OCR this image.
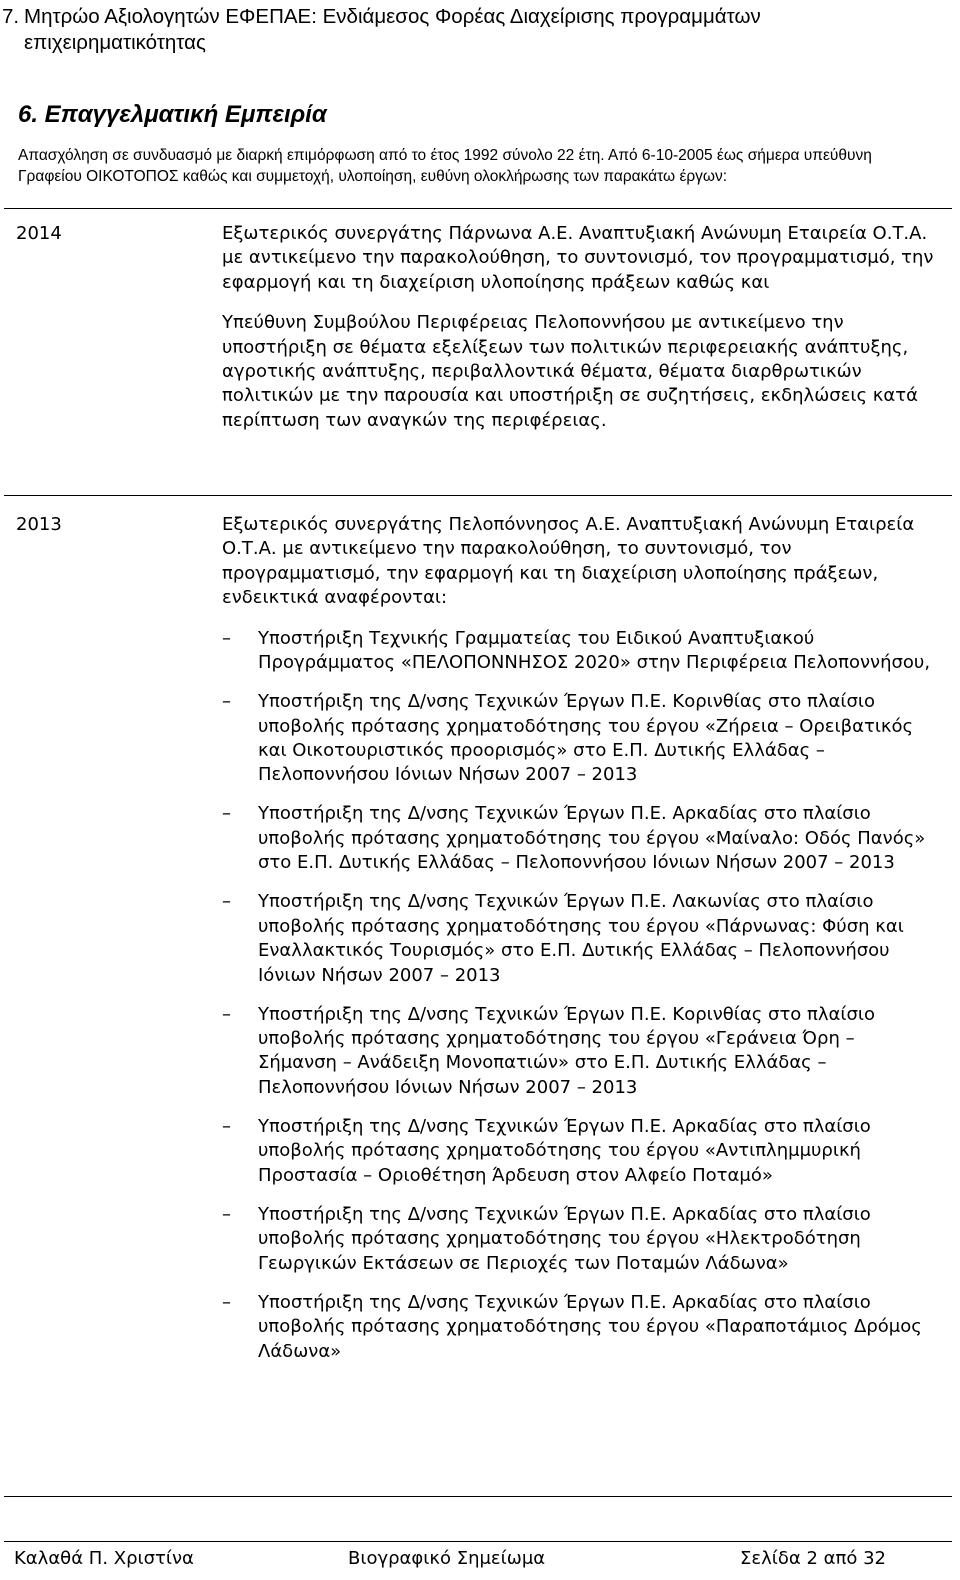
7. Μητρώο Αξιολογητών ΕΦΕΠΑΕ: Ενδιάμεσος Φορέας Διαχείρισης προγραμμάτων επιχειρηματικότητας
6. Επαγγελματική Εμπειρία
Απασχόληση σε συνδυασμό με διαρκή επιμόρφωση από το έτος 1992 σύνολο 22 έτη. Από 6-10-2005 έως σήμερα υπεύθυνη Γραφείου ΟΙΚΟΤΟΠΟΣ καθώς και συμμετοχή, υλοποίηση, ευθύνη ολοκλήρωσης των παρακάτω έργων:
2014	Εξωτερικός συνεργάτης Πάρνωνα Α.Ε. Αναπτυξιακή Ανώνυμη Εταιρεία Ο.Τ.Α. με αντικείμενο την παρακολούθηση, το συντονισμό, τον προγραμματισμό, την εφαρμογή και τη διαχείριση υλοποίησης πράξεων καθώς και

Υπεύθυνη Συμβούλου Περιφέρειας Πελοποννήσου με αντικείμενο την υποστήριξη σε θέματα εξελίξεων των πολιτικών περιφερειακής ανάπτυξης, αγροτικής ανάπτυξης, περιβαλλοντικά θέματα, θέματα διαρθρωτικών πολιτικών με την παρουσία και υποστήριξη σε συζητήσεις, εκδηλώσεις κατά περίπτωση των αναγκών της περιφέρειας.

2013	Εξωτερικός συνεργάτης Πελοπόννησος Α.Ε. Αναπτυξιακή Ανώνυμη Εταιρεία Ο.Τ.Α. με αντικείμενο την παρακολούθηση, το συντονισμό, τον προγραμματισμό, την εφαρμογή και τη διαχείριση υλοποίησης πράξεων, ενδεικτικά αναφέρονται:

– Υποστήριξη Τεχνικής Γραμματείας του Ειδικού Αναπτυξιακού Προγράμματος «ΠΕΛΟΠΟΝΝΗΣΟΣ 2020» στην Περιφέρεια Πελοποννήσου,
– Υποστήριξη της Δ/νσης Τεχνικών Έργων Π.Ε. Κορινθίας στο πλαίσιο υποβολής πρότασης χρηματοδότησης του έργου «Ζήρεια – Ορειβατικός και Οικοτουριστικός προορισμός» στο Ε.Π. Δυτικής Ελλάδας – Πελοποννήσου Ιόνιων Νήσων 2007 – 2013
– Υποστήριξη της Δ/νσης Τεχνικών Έργων Π.Ε. Αρκαδίας στο πλαίσιο υποβολής πρότασης χρηματοδότησης του έργου «Μαίναλο: Οδός Πανός» στο Ε.Π. Δυτικής Ελλάδας – Πελοποννήσου Ιόνιων Νήσων 2007 – 2013
– Υποστήριξη της Δ/νσης Τεχνικών Έργων Π.Ε. Λακωνίας στο πλαίσιο υποβολής πρότασης χρηματοδότησης του έργου «Πάρνωνας: Φύση και Εναλλακτικός Τουρισμός» στο Ε.Π. Δυτικής Ελλάδας – Πελοποννήσου Ιόνιων Νήσων 2007 – 2013
– Υποστήριξη της Δ/νσης Τεχνικών Έργων Π.Ε. Κορινθίας στο πλαίσιο υποβολής πρότασης χρηματοδότησης του έργου «Γεράνεια Όρη – Σήμανση – Ανάδειξη Μονοπατιών» στο Ε.Π. Δυτικής Ελλάδας – Πελοποννήσου Ιόνιων Νήσων 2007 – 2013
– Υποστήριξη της Δ/νσης Τεχνικών Έργων Π.Ε. Αρκαδίας στο πλαίσιο υποβολής πρότασης χρηματοδότησης του έργου «Αντιπλημμυρική Προστασία – Οριοθέτηση Άρδευση στον Αλφείο Ποταμό»
– Υποστήριξη της Δ/νσης Τεχνικών Έργων Π.Ε. Αρκαδίας στο πλαίσιο υποβολής πρότασης χρηματοδότησης του έργου «Ηλεκτροδότηση Γεωργικών Εκτάσεων σε Περιοχές των Ποταμών Λάδωνα»
– Υποστήριξη της Δ/νσης Τεχνικών Έργων Π.Ε. Αρκαδίας στο πλαίσιο υποβολής πρότασης χρηματοδότησης του έργου «Παραποτάμιος Δρόμος Λάδωνα»
Καλαθά Π. Χριστίνα	Βιογραφικό Σημείωμα	Σελίδα 2 από 32
